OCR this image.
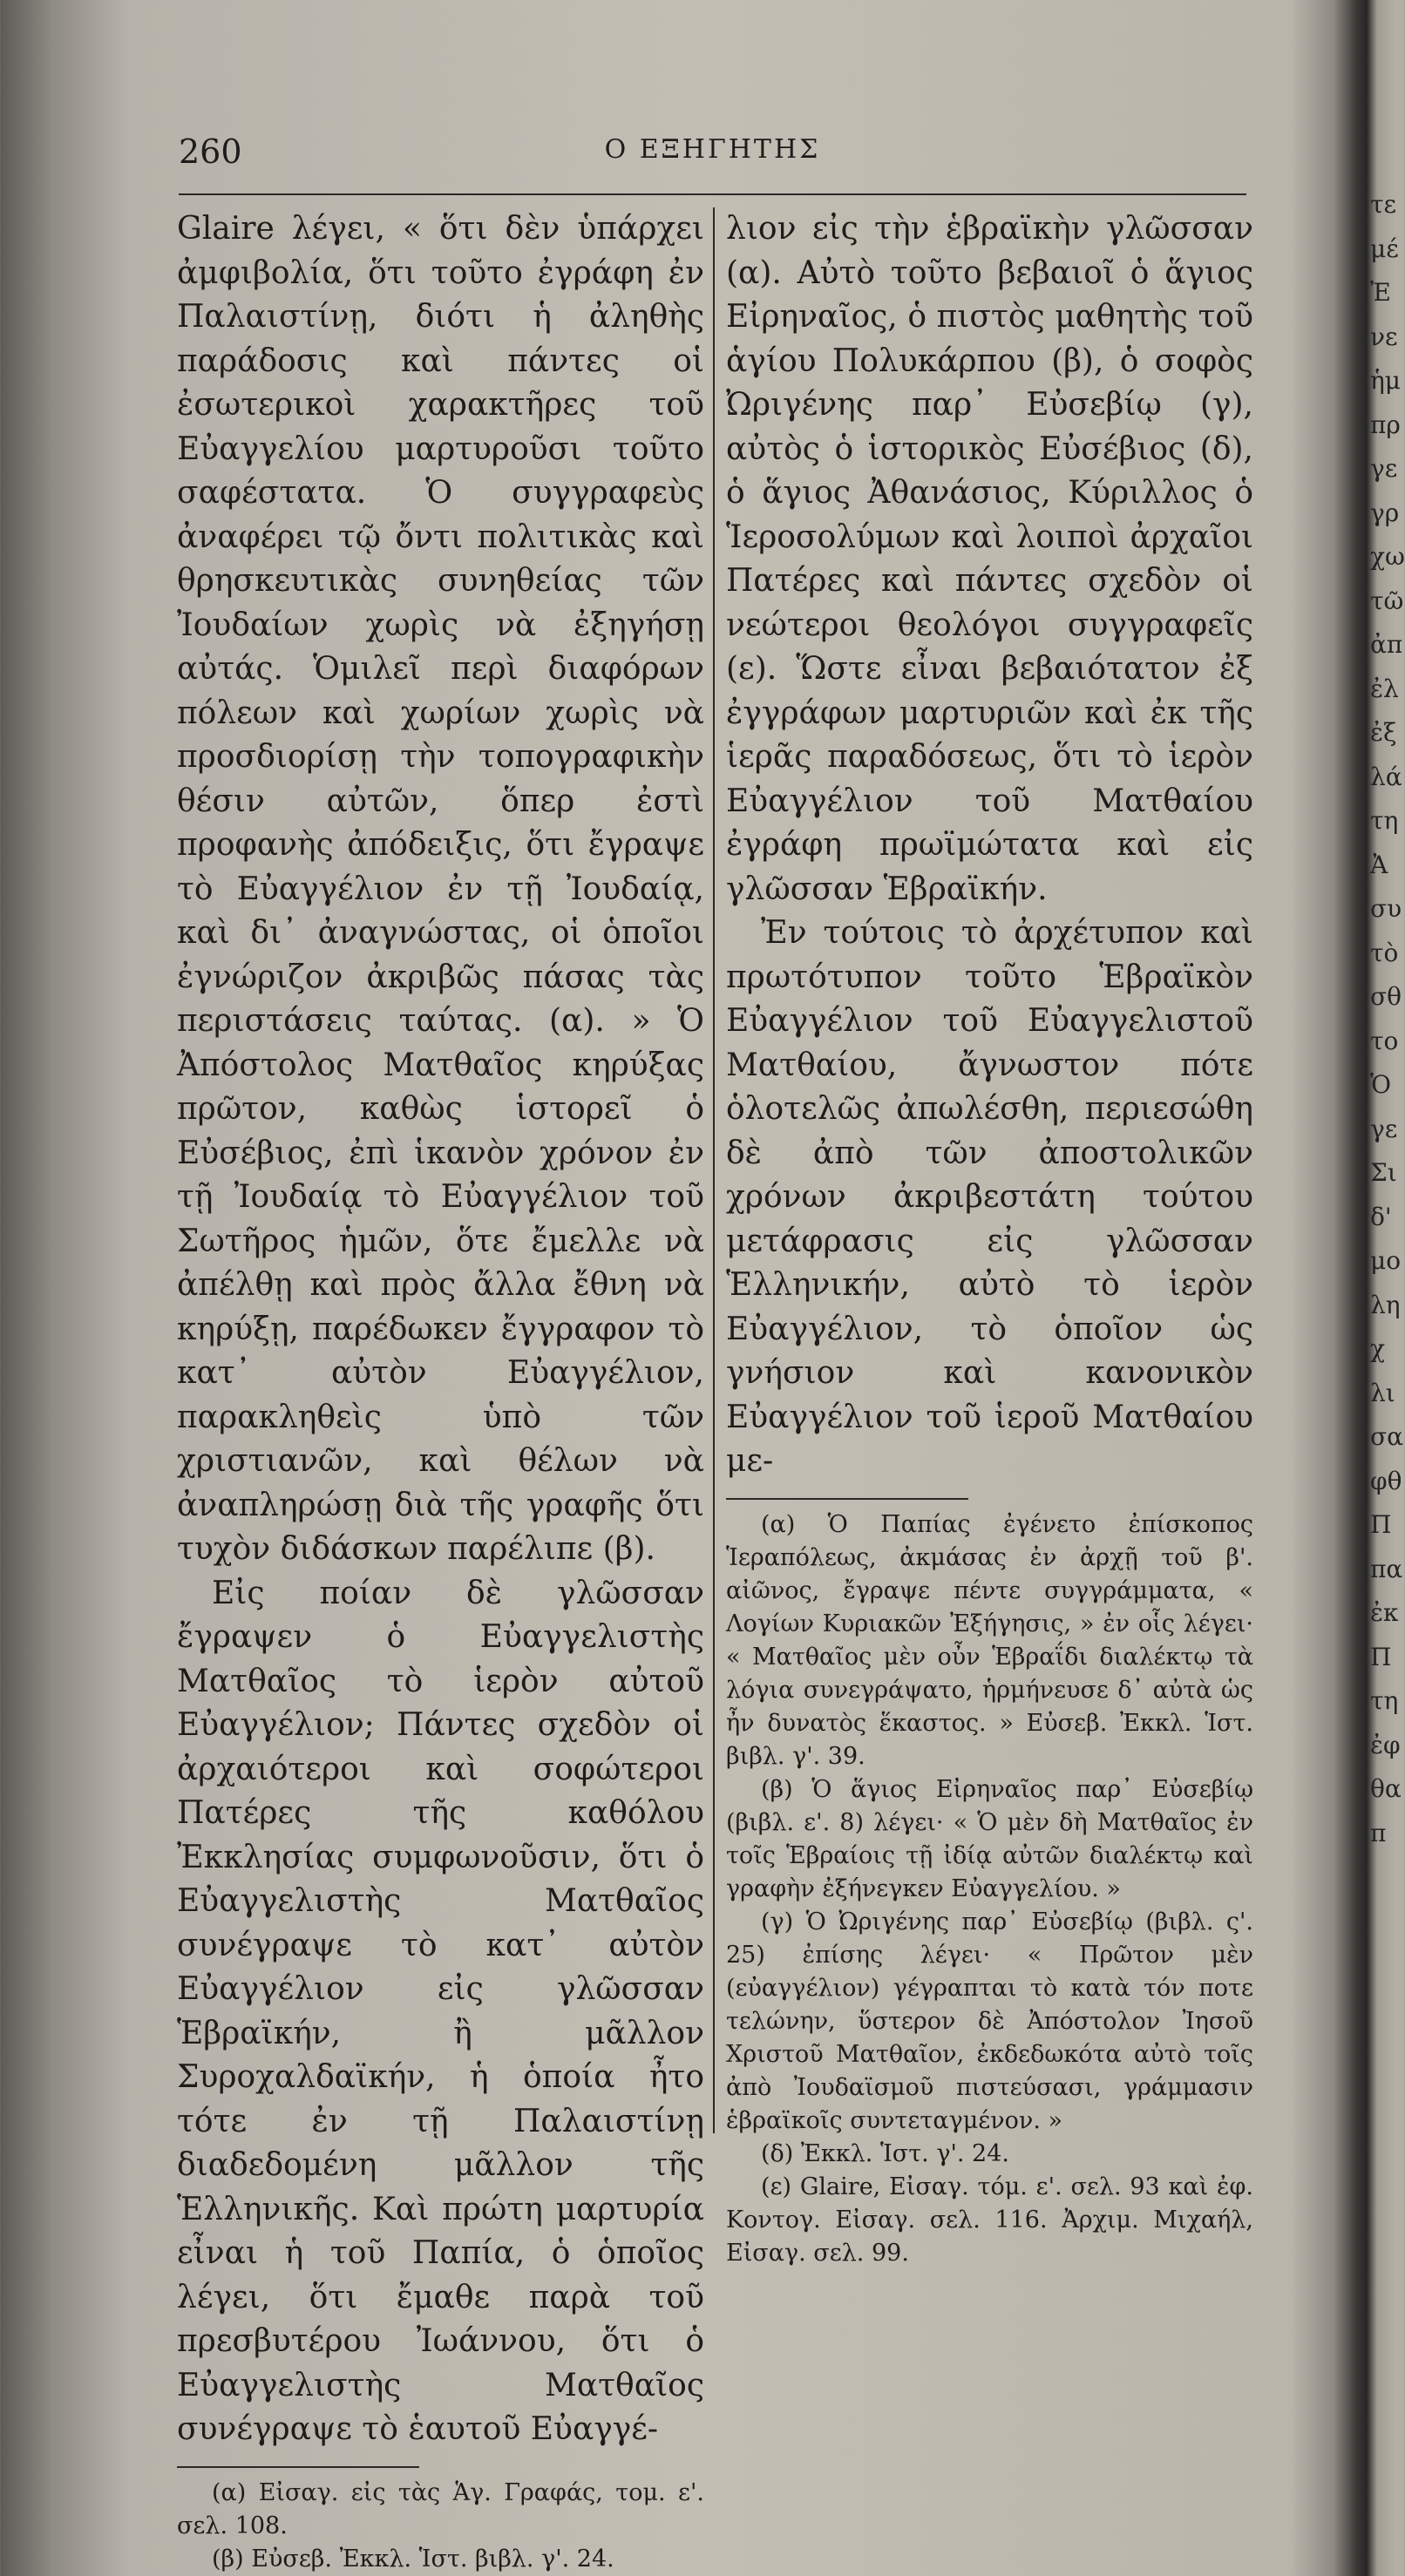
260	Ο ΕΞΗΓΗΤΗΣ

Glaire λέγει, « ὅτι δὲν ὑπάρχει ἀμφιβολία, ὅτι τοῦτο ἐγράφη ἐν Παλαιστίνῃ, διότι ἡ ἀληθὴς παράδοσις καὶ πάντες οἱ ἐσωτερικοὶ χαρακτῆρες τοῦ Εὐαγγελίου μαρτυροῦσι τοῦτο σαφέστατα. Ὁ συγγραφεὺς ἀναφέρει τῷ ὄντι πολιτικὰς καὶ θρησκευτικὰς συνηθείας τῶν Ἰουδαίων χωρὶς νὰ ἐξηγήσῃ αὐτάς. Ὁμιλεῖ περὶ διαφόρων πόλεων καὶ χωρίων χωρὶς νὰ προσδιορίσῃ τὴν τοπογραφικὴν θέσιν αὐτῶν, ὅπερ ἐστὶ προφανὴς ἀπόδειξις, ὅτι ἔγραψε τὸ Εὐαγγέλιον ἐν τῇ Ἰουδαίᾳ, καὶ δι᾽ ἀναγνώστας, οἱ ὁποῖοι ἐγνώριζον ἀκριβῶς πάσας τὰς περιστάσεις ταύτας. (α). » Ὁ Ἀπόστολος Ματθαῖος κηρύξας πρῶτον, καθὼς ἱστορεῖ ὁ Εὐσέβιος, ἐπὶ ἱκανὸν χρόνον ἐν τῇ Ἰουδαίᾳ τὸ Εὐαγγέλιον τοῦ Σωτῆρος ἡμῶν, ὅτε ἔμελλε νὰ ἀπέλθῃ καὶ πρὸς ἄλλα ἔθνη νὰ κηρύξῃ, παρέδωκεν ἔγγραφον τὸ κατ᾽ αὐτὸν Εὐαγγέλιον, παρακληθεὶς ὑπὸ τῶν χριστιανῶν, καὶ θέλων νὰ ἀναπληρώσῃ διὰ τῆς γραφῆς ὅτι τυχὸν διδάσκων παρέλιπε (β).

Εἰς ποίαν δὲ γλῶσσαν ἔγραψεν ὁ Εὐαγγελιστὴς Ματθαῖος τὸ ἱερὸν αὐτοῦ Εὐαγγέλιον; Πάντες σχεδὸν οἱ ἀρχαιότεροι καὶ σοφώτεροι Πατέρες τῆς καθόλου Ἐκκλησίας συμφωνοῦσιν, ὅτι ὁ Εὐαγγελιστὴς Ματθαῖος συνέγραψε τὸ κατ᾽ αὐτὸν Εὐαγγέλιον εἰς γλῶσσαν Ἑβραϊκήν, ἢ μᾶλλον Συροχαλδαϊκήν, ἡ ὁποία ἦτο τότε ἐν τῇ Παλαιστίνῃ διαδεδομένη μᾶλλον τῆς Ἑλληνικῆς. Καὶ πρώτη μαρτυρία εἶναι ἡ τοῦ Παπία, ὁ ὁποῖος λέγει, ὅτι ἔμαθε παρὰ τοῦ πρεσβυτέρου Ἰωάννου, ὅτι ὁ Εὐαγγελιστὴς Ματθαῖος συνέγραψε τὸ ἑαυτοῦ Εὐαγγέ-

(α) Εἰσαγ. εἰς τὰς Ἁγ. Γραφάς, τομ. ε'. σελ. 108.

(β) Εὐσεβ. Ἐκκλ. Ἱστ. βιβλ. γ'. 24.

λιον εἰς τὴν ἑβραϊκὴν γλῶσσαν (α). Αὐτὸ τοῦτο βεβαιοῖ ὁ ἅγιος Εἰρηναῖος, ὁ πιστὸς μαθητὴς τοῦ ἁγίου Πολυκάρπου (β), ὁ σοφὸς Ὠριγένης παρ᾽ Εὐσεβίῳ (γ), αὐτὸς ὁ ἱστορικὸς Εὐσέβιος (δ), ὁ ἅγιος Ἀθανάσιος, Κύριλλος ὁ Ἱεροσολύμων καὶ λοιποὶ ἀρχαῖοι Πατέρες καὶ πάντες σχεδὸν οἱ νεώτεροι θεολόγοι συγγραφεῖς (ε). Ὥστε εἶναι βεβαιότατον ἐξ ἐγγράφων μαρτυριῶν καὶ ἐκ τῆς ἱερᾶς παραδόσεως, ὅτι τὸ ἱερὸν Εὐαγγέλιον τοῦ Ματθαίου ἐγράφη πρωϊμώτατα καὶ εἰς γλῶσσαν Ἑβραϊκήν.

Ἐν τούτοις τὸ ἀρχέτυπον καὶ πρωτότυπον τοῦτο Ἑβραϊκὸν Εὐαγγέλιον τοῦ Εὐαγγελιστοῦ Ματθαίου, ἄγνωστον πότε ὁλοτελῶς ἀπωλέσθη, περιεσώθη δὲ ἀπὸ τῶν ἀποστολικῶν χρόνων ἀκριβεστάτη τούτου μετάφρασις εἰς γλῶσσαν Ἑλληνικήν, αὐτὸ τὸ ἱερὸν Εὐαγγέλιον, τὸ ὁποῖον ὡς γνήσιον καὶ κανονικὸν Εὐαγγέλιον τοῦ ἱεροῦ Ματθαίου με-

(α) Ὁ Παπίας ἐγένετο ἐπίσκοπος Ἱεραπόλεως, ἀκμάσας ἐν ἀρχῇ τοῦ β'. αἰῶνος, ἔγραψε πέντε συγγράμματα, « Λογίων Κυριακῶν Ἐξήγησις, » ἐν οἷς λέγει· « Ματθαῖος μὲν οὖν Ἑβραΐδι διαλέκτῳ τὰ λόγια συνεγράψατο, ἡρμήνευσε δ᾽ αὐτὰ ὡς ἦν δυνατὸς ἕκαστος. » Εὐσεβ. Ἐκκλ. Ἱστ. βιβλ. γ'. 39.

(β) Ὁ ἅγιος Εἰρηναῖος παρ᾽ Εὐσεβίῳ (βιβλ. ε'. 8) λέγει· « Ὁ μὲν δὴ Ματθαῖος ἐν τοῖς Ἑβραίοις τῇ ἰδίᾳ αὐτῶν διαλέκτῳ καὶ γραφὴν ἐξήνεγκεν Εὐαγγελίου. »

(γ) Ὁ Ὠριγένης παρ᾽ Εὐσεβίῳ (βιβλ. ς'. 25) ἐπίσης λέγει· « Πρῶτον μὲν (εὐαγγέλιον) γέγραπται τὸ κατὰ τόν ποτε τελώνην, ὕστερον δὲ Ἀπόστολον Ἰησοῦ Χριστοῦ Ματθαῖον, ἐκδεδωκότα αὐτὸ τοῖς ἀπὸ Ἰουδαϊσμοῦ πιστεύσασι, γράμμασιν ἑβραϊκοῖς συντεταγμένον. »

(δ) Ἐκκλ. Ἱστ. γ'. 24.

(ε) Glaire, Εἰσαγ. τόμ. ε'. σελ. 93 καὶ ἐφ. Κοντογ. Εἰσαγ. σελ. 116. Ἀρχιμ. Μιχαήλ, Εἰσαγ. σελ. 99.

τε
μέ
Ἐ
νε
ἡμ
πρ
γε
γρ
χω
τῶ
ἀπ
ἐλ
ἐξ
λά
τη
Ἀ
συ
τὸ
σθ
το
Ὁ
γε
Σι
δ'
μο
λη
χ
λι
σα
φθ
Π
πα
ἐκ
Π
τη
ἐφ
θα
π
